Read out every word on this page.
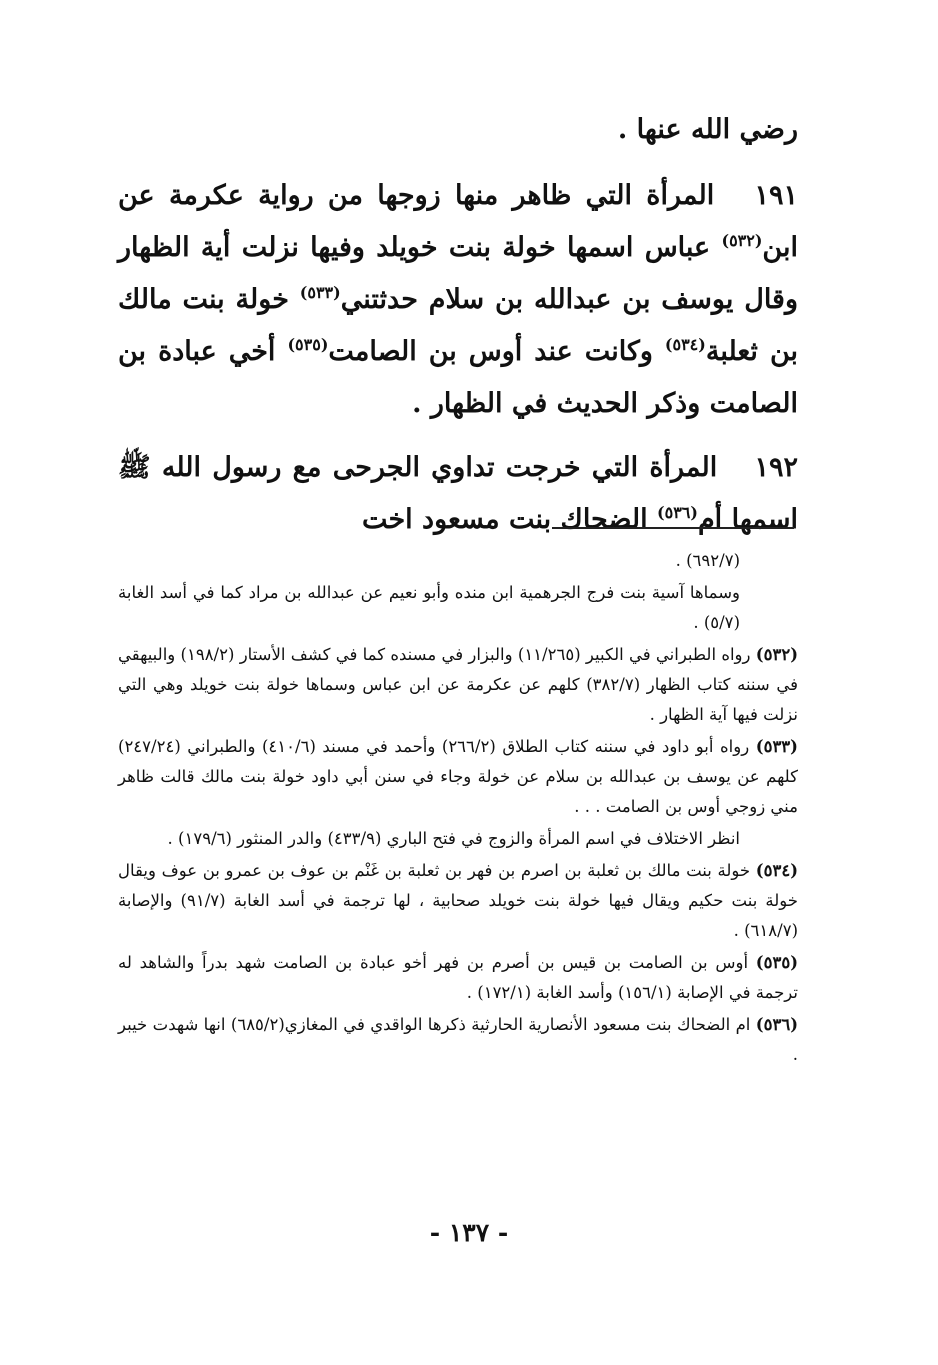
رضي الله عنها .

١٩١ المرأة التي ظاهر منها زوجها من رواية عكرمة عن ابن$^{(٥٣٢)}$ عباس اسمها خولة بنت خويلد وفيها نزلت أية الظهار وقال يوسف بن عبدالله بن سلام حدثتني$^{(٥٣٣)}$ خولة بنت مالك بن ثعلبة$^{(٥٣٤)}$ وكانت عند أوس بن الصامت$^{(٥٣٥)}$ أخي عبادة بن الصامت وذكر الحديث في الظهار .

١٩٢ المرأة التي خرجت تداوي الجرحى مع رسول الله ﷺ اسمها أم$^{(٥٣٦)}$ الضحاك بنت مسعود اخت

(٦٩٢/٧) .

وسماها آسية بنت فرج الجرهمية ابن منده وأبو نعيم عن عبدالله بن مراد كما في أسد الغابة (٥/٧) .

(٥٣٢) رواه الطبراني في الكبير (١١/٢٦٥) والبزار في مسنده كما في كشف الأستار (١٩٨/٢) والبيهقي في سننه كتاب الظهار (٣٨٢/٧) كلهم عن عكرمة عن ابن عباس وسماها خولة بنت خويلد وهي التي نزلت فيها آية الظهار .

(٥٣٣) رواه أبو داود في سننه كتاب الطلاق (٢٦٦/٢) وأحمد في مسند (٤١٠/٦) والطبراني (٢٤٧/٢٤) كلهم عن يوسف بن عبدالله بن سلام عن خولة وجاء في سنن أبي داود خولة بنت مالك قالت ظاهر مني زوجي أوس بن الصامت . . .

انظر الاختلاف في اسم المرأة والزوج في فتح الباري (٤٣٣/٩) والدر المنثور (١٧٩/٦) .

(٥٣٤) خولة بنت مالك بن ثعلبة بن اصرم بن فهر بن ثعلبة بن غَنْم بن عوف بن عمرو بن عوف ويقال خولة بنت حكيم ويقال فيها خولة بنت خويلد صحابية ، لها ترجمة في أسد الغابة (٩١/٧) والإصابة (٦١٨/٧) .

(٥٣٥) أوس بن الصامت بن قيس بن أصرم بن فهر أخو عبادة بن الصامت شهد بدراً والشاهد له ترجمة في الإصابة (١٥٦/١) وأسد الغابة (١٧٢/١) .

(٥٣٦) ام الضحاك بنت مسعود الأنصارية الحارثية ذكرها الواقدي في المغازي(٦٨٥/٢) انها شهدت خيبر .

- ١٣٧ -
